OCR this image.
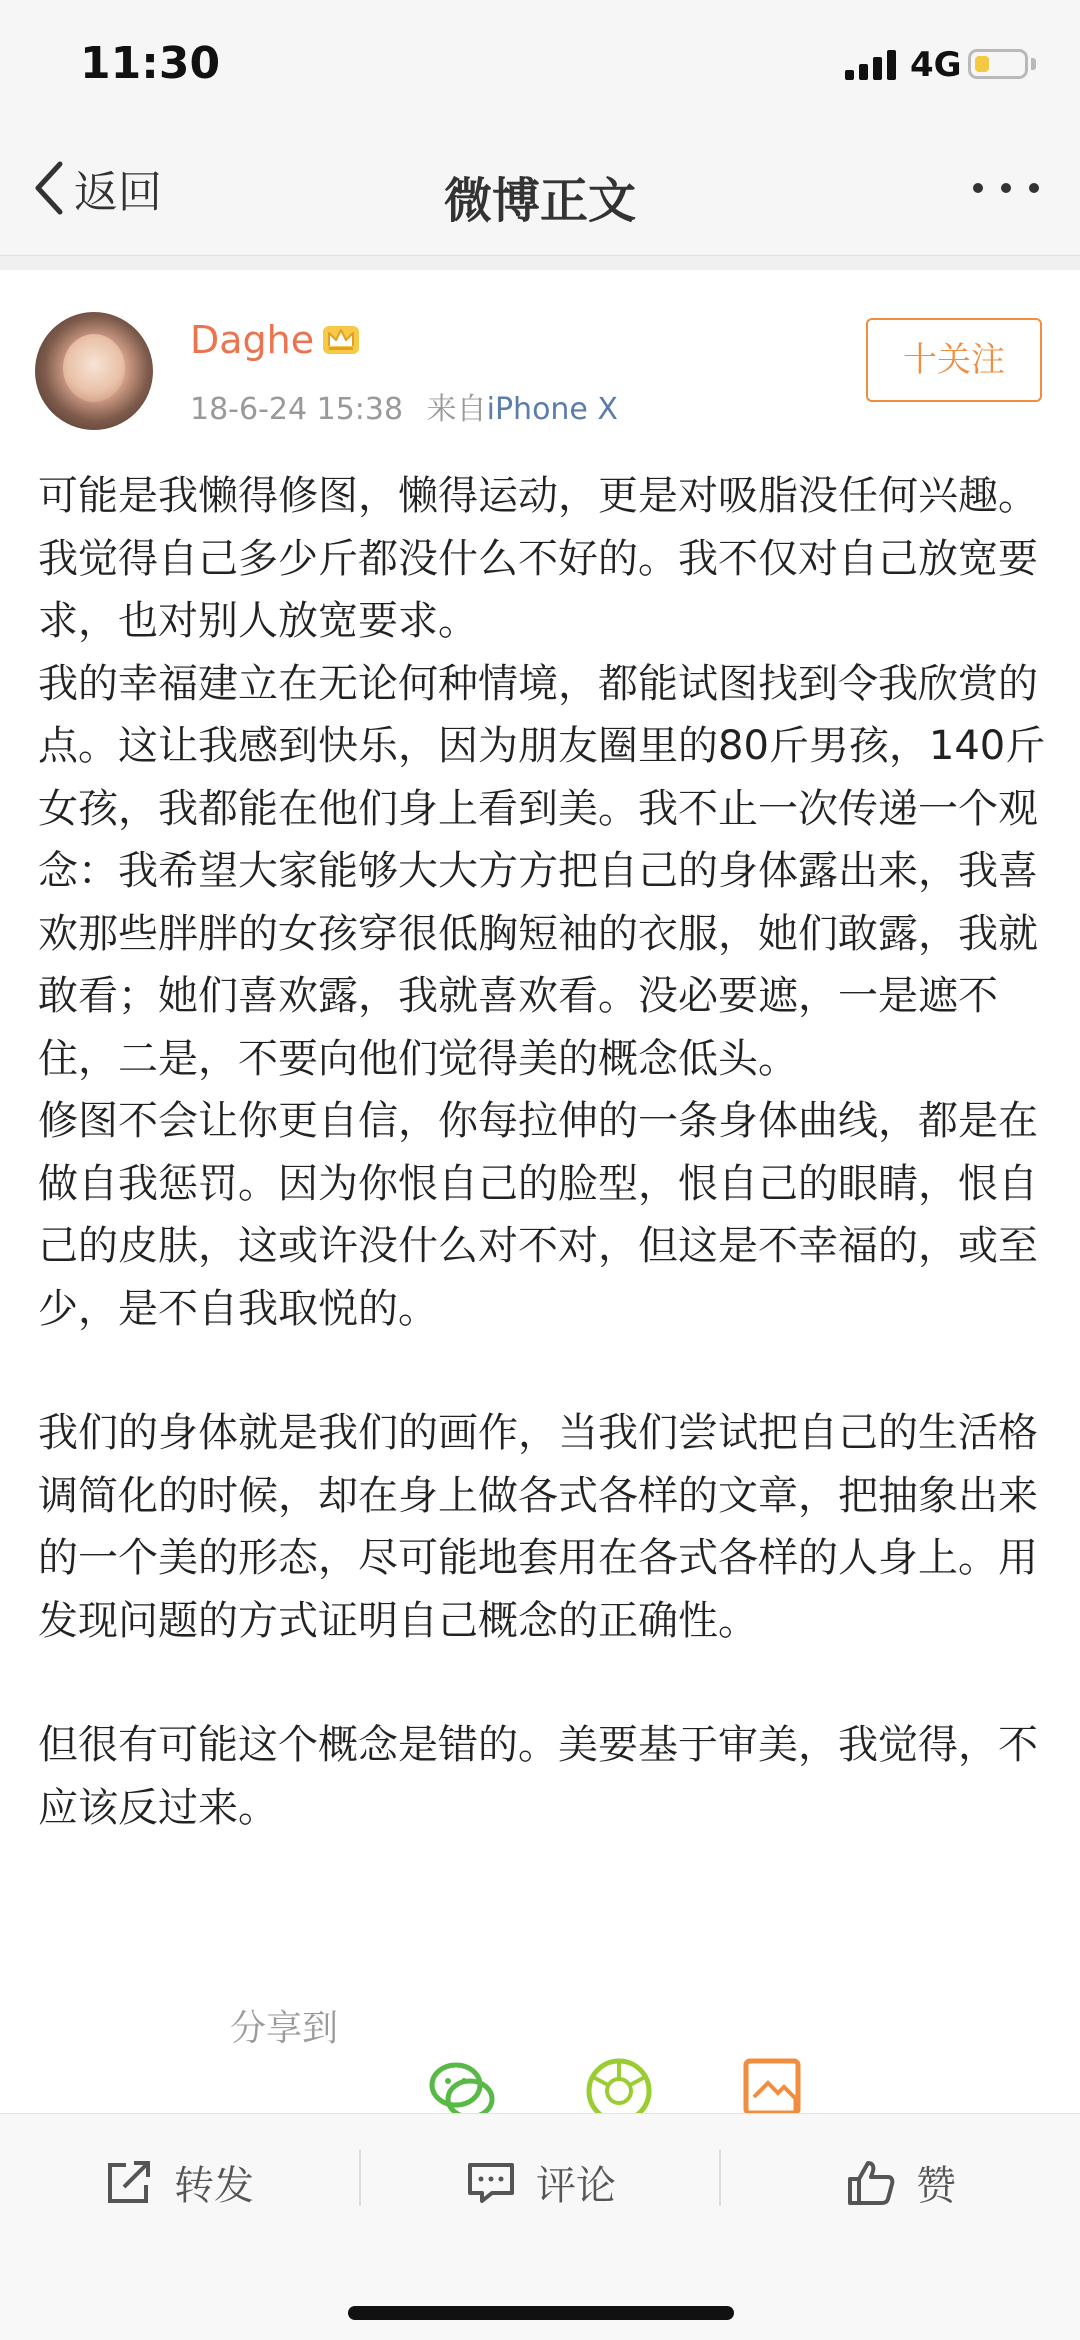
11:30	4G
返回	微博正文
Daghe
18-6-24 15:38 来自iPhone X
十关注

可能是我懒得修图，懒得运动，更是对吸脂没任何兴趣。我觉得自己多少斤都没什么不好的。我不仅对自己放宽要求，也对别人放宽要求。

我的幸福建立在无论何种情境，都能试图找到令我欣赏的点。这让我感到快乐，因为朋友圈里的80斤男孩，140斤女孩，我都能在他们身上看到美。我不止一次传递一个观念：我希望大家能够大大方方把自己的身体露出来，我喜欢那些胖胖的女孩穿很低胸短袖的衣服，她们敢露，我就敢看；她们喜欢露，我就喜欢看。没必要遮，一是遮不住，二是，不要向他们觉得美的概念低头。

修图不会让你更自信，你每拉伸的一条身体曲线，都是在做自我惩罚。因为你恨自己的脸型，恨自己的眼睛，恨自己的皮肤，这或许没什么对不对，但这是不幸福的，或至少，是不自我取悦的。

我们的身体就是我们的画作，当我们尝试把自己的生活格调简化的时候，却在身上做各式各样的文章，把抽象出来的一个美的形态，尽可能地套用在各式各样的人身上。用发现问题的方式证明自己概念的正确性。

但很有可能这个概念是错的。美要基于审美，我觉得，不应该反过来。

分享到
转发	评论	赞
